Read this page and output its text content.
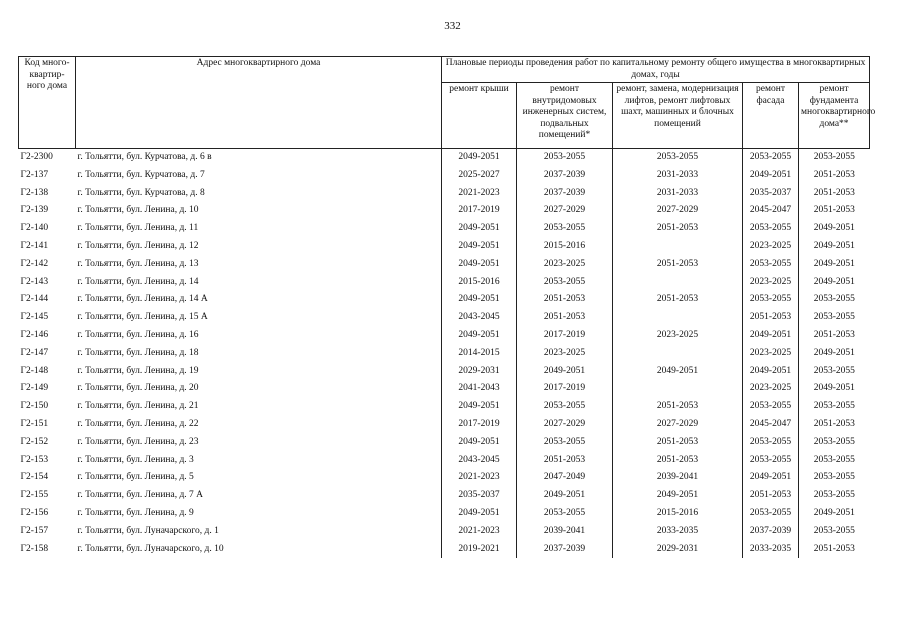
332
Код много-квартир-ного дома	Адрес многоквартирного дома	Плановые периоды проведения работ по капитальному ремонту общего имущества в многоквартирных домах, годы				
		ремонт крыши	ремонт внутридомовых инженерных систем, подвальных помещений*	ремонт, замена, модернизация лифтов, ремонт лифтовых шахт, машинных и блочных помещений	ремонт фасада	ремонт фундамента многоквартирного дома**
Г2-2300	г. Тольятти, бул. Курчатова, д. 6 в	2049-2051	2053-2055	2053-2055	2053-2055	2053-2055
Г2-137	г. Тольятти, бул. Курчатова, д. 7	2025-2027	2037-2039	2031-2033	2049-2051	2051-2053
Г2-138	г. Тольятти, бул. Курчатова, д. 8	2021-2023	2037-2039	2031-2033	2035-2037	2051-2053
Г2-139	г. Тольятти, бул. Ленина, д. 10	2017-2019	2027-2029	2027-2029	2045-2047	2051-2053
Г2-140	г. Тольятти, бул. Ленина, д. 11	2049-2051	2053-2055	2051-2053	2053-2055	2049-2051
Г2-141	г. Тольятти, бул. Ленина, д. 12	2049-2051	2015-2016		2023-2025	2049-2051
Г2-142	г. Тольятти, бул. Ленина, д. 13	2049-2051	2023-2025	2051-2053	2053-2055	2049-2051
Г2-143	г. Тольятти, бул. Ленина, д. 14	2015-2016	2053-2055		2023-2025	2049-2051
Г2-144	г. Тольятти, бул. Ленина, д. 14 А	2049-2051	2051-2053	2051-2053	2053-2055	2053-2055
Г2-145	г. Тольятти, бул. Ленина, д. 15 А	2043-2045	2051-2053		2051-2053	2053-2055
Г2-146	г. Тольятти, бул. Ленина, д. 16	2049-2051	2017-2019	2023-2025	2049-2051	2051-2053
Г2-147	г. Тольятти, бул. Ленина, д. 18	2014-2015	2023-2025		2023-2025	2049-2051
Г2-148	г. Тольятти, бул. Ленина, д. 19	2029-2031	2049-2051	2049-2051	2049-2051	2053-2055
Г2-149	г. Тольятти, бул. Ленина, д. 20	2041-2043	2017-2019		2023-2025	2049-2051
Г2-150	г. Тольятти, бул. Ленина, д. 21	2049-2051	2053-2055	2051-2053	2053-2055	2053-2055
Г2-151	г. Тольятти, бул. Ленина, д. 22	2017-2019	2027-2029	2027-2029	2045-2047	2051-2053
Г2-152	г. Тольятти, бул. Ленина, д. 23	2049-2051	2053-2055	2051-2053	2053-2055	2053-2055
Г2-153	г. Тольятти, бул. Ленина, д. 3	2043-2045	2051-2053	2051-2053	2053-2055	2053-2055
Г2-154	г. Тольятти, бул. Ленина, д. 5	2021-2023	2047-2049	2039-2041	2049-2051	2053-2055
Г2-155	г. Тольятти, бул. Ленина, д. 7 А	2035-2037	2049-2051	2049-2051	2051-2053	2053-2055
Г2-156	г. Тольятти, бул. Ленина, д. 9	2049-2051	2053-2055	2015-2016	2053-2055	2049-2051
Г2-157	г. Тольятти, бул. Луначарского, д. 1	2021-2023	2039-2041	2033-2035	2037-2039	2053-2055
Г2-158	г. Тольятти, бул. Луначарского, д. 10	2019-2021	2037-2039	2029-2031	2033-2035	2051-2053
